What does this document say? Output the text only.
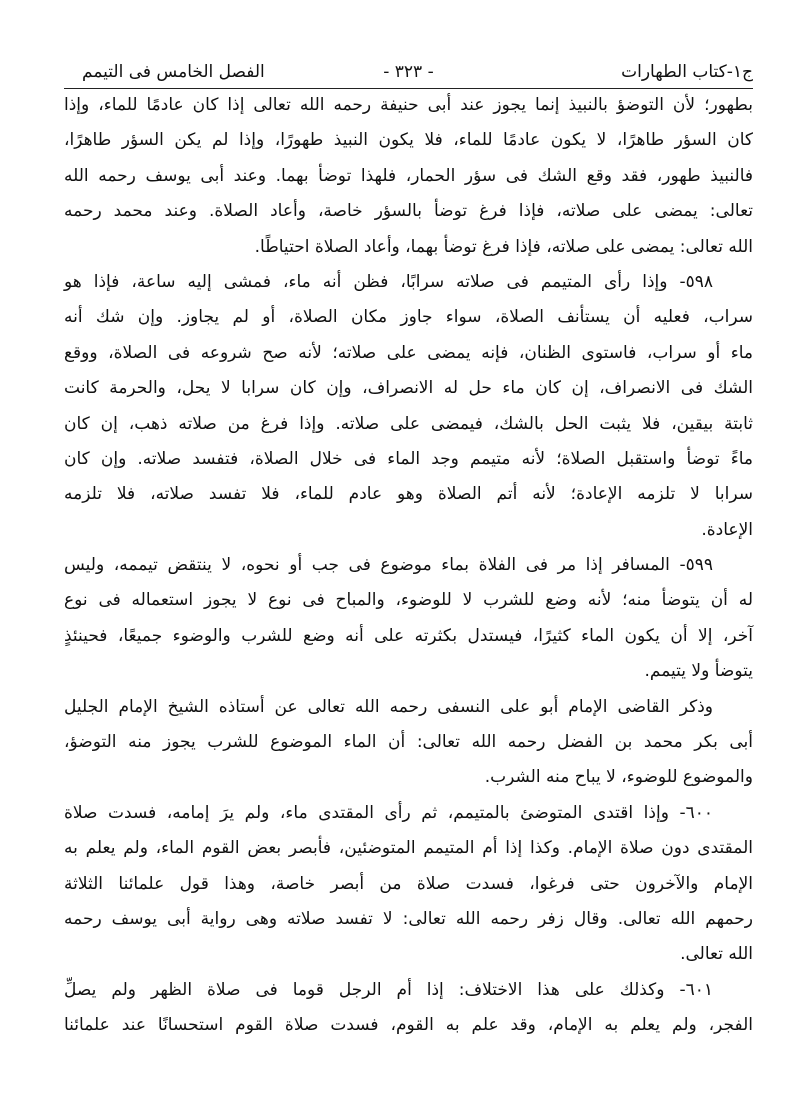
ج١-كتاب الطهارات
- ٣٢٣ -
الفصل الخامس فى التيمم
بطهور؛ لأن التوضؤ بالنبيذ إنما يجوز عند أبى حنيفة رحمه الله تعالى إذا كان عادمًا للماء، وإذا
كان السؤر طاهرًا، لا يكون عادمًا للماء، فلا يكون النبيذ طهورًا، وإذا لم يكن السؤر طاهرًا،
فالنبيذ طهور، فقد وقع الشك فى سؤر الحمار، فلهذا توضأ بهما. وعند أبى يوسف رحمه الله
تعالى: يمضى على صلاته، فإذا فرغ توضأ بالسؤر خاصة، وأعاد الصلاة. وعند محمد رحمه
الله تعالى: يمضى على صلاته، فإذا فرغ توضأ بهما، وأعاد الصلاة احتياطًا.
٥٩٨- وإذا رأى المتيمم فى صلاته سرابًا، فظن أنه ماء، فمشى إليه ساعة، فإذا هو
سراب، فعليه أن يستأنف الصلاة، سواء جاوز مكان الصلاة، أو لم يجاوز. وإن شك أنه
ماء أو سراب، فاستوى الظنان، فإنه يمضى على صلاته؛ لأنه صح شروعه فى الصلاة، ووقع
الشك فى الانصراف، إن كان ماء حل له الانصراف، وإن كان سرابا لا يحل، والحرمة كانت
ثابتة بيقين، فلا يثبت الحل بالشك، فيمضى على صلاته. وإذا فرغ من صلاته ذهب، إن كان
ماءً توضأ واستقبل الصلاة؛ لأنه متيمم وجد الماء فى خلال الصلاة، فتفسد صلاته. وإن كان
سرابا لا تلزمه الإعادة؛ لأنه أتم الصلاة وهو عادم للماء، فلا تفسد صلاته، فلا تلزمه
الإعادة.
٥٩٩- المسافر إذا مر فى الفلاة بماء موضوع فى جب أو نحوه، لا ينتقض تيممه، وليس
له أن يتوضأ منه؛ لأنه وضع للشرب لا للوضوء، والمباح فى نوع لا يجوز استعماله فى نوع
آخر، إلا أن يكون الماء كثيرًا، فيستدل بكثرته على أنه وضع للشرب والوضوء جميعًا، فحينئذٍ
يتوضأ ولا يتيمم.
وذكر القاضى الإمام أبو على النسفى رحمه الله تعالى عن أستاذه الشيخ الإمام الجليل
أبى بكر محمد بن الفضل رحمه الله تعالى: أن الماء الموضوع للشرب يجوز منه التوضؤ،
والموضوع للوضوء، لا يباح منه الشرب.
٦٠٠- وإذا اقتدى المتوضئ بالمتيمم، ثم رأى المقتدى ماء، ولم يرَ إمامه، فسدت صلاة
المقتدى دون صلاة الإمام. وكذا إذا أم المتيمم المتوضئين، فأبصر بعض القوم الماء، ولم يعلم به
الإمام والآخرون حتى فرغوا، فسدت صلاة من أبصر خاصة، وهذا قول علمائنا الثلاثة
رحمهم الله تعالى. وقال زفر رحمه الله تعالى: لا تفسد صلاته وهى رواية أبى يوسف رحمه
الله تعالى.
٦٠١- وكذلك على هذا الاختلاف: إذا أم الرجل قوما فى صلاة الظهر ولم يصلِّ
الفجر، ولم يعلم به الإمام، وقد علم به القوم، فسدت صلاة القوم استحسانًا عند علمائنا
